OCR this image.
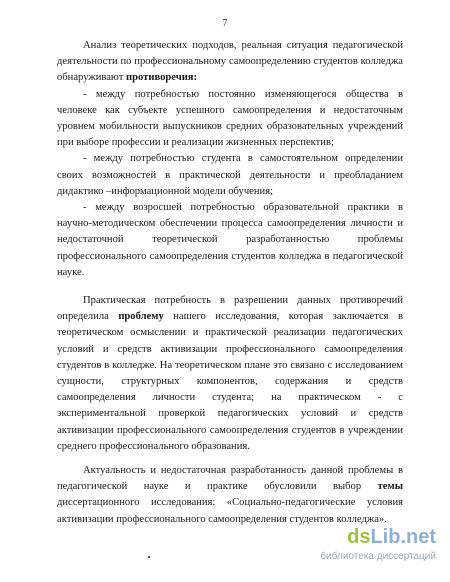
7

Анализ теоретических подходов, реальная ситуация педагогической деятельности по профессиональному самоопределению студентов колледжа обнаруживают противоречия:

- между потребностью постоянно изменяющегося общества в человеке как субъекте успешного самоопределения и недостаточным уровнем мобильности выпускников средних образовательных учреждений при выборе профессии и реализации жизненных перспектив;

- между потребностью студента в самостоятельном определении своих возможностей в практической деятельности и преобладанием дидактико –информационной модели обучения;

- между возросшей потребностью образовательной практики в научно-методическом обеспечении процесса самоопределения личности и недостаточной теоретической разработанностью проблемы профессионального самоопределения студентов колледжа в педагогической науке.

Практическая потребность в разрешении данных противоречий определила проблему нашего исследования, которая заключается в теоретическом осмыслении и практической реализации педагогических условий и средств активизации профессионального самоопределения студентов в колледже. На теоретическом плане это связано с исследованием сущности, структурных компонентов, содержания и средств самоопределения личности студента; на практическом - с экспериментальной проверкой педагогических условий и средств активизации профессионального самоопределения студентов в учреждении среднего профессионального образования.

Актуальность и недостаточная разработанность данной проблемы в педагогической науке и практике обусловили выбор темы диссертационного исследования: «Социально-педагогические условия активизации профессионального самоопределения студентов колледжа».

dsLib.net
библиотека диссертаций
